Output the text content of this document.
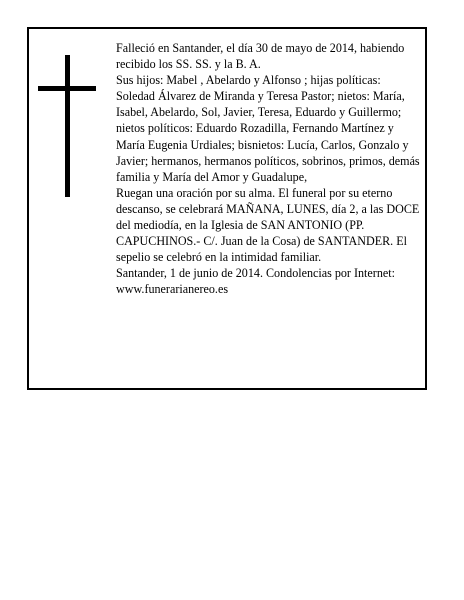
Falleció en Santander, el día 30 de mayo de 2014, habiendo recibido los SS. SS. y la B. A.

Sus hijos: Mabel , Abelardo y Alfonso ; hijas políticas: Soledad Álvarez de Miranda y Teresa Pastor; nietos: María, Isabel, Abelardo, Sol, Javier, Teresa, Eduardo y Guillermo; nietos políticos: Eduardo Rozadilla, Fernando Martínez y María Eugenia Urdiales; bisnietos: Lucía, Carlos, Gonzalo y Javier; hermanos, hermanos políticos, sobrinos, primos, demás familia y María del Amor y Guadalupe,

Ruegan una oración por su alma. El funeral por su eterno descanso, se celebrará MAÑANA, LUNES, día 2, a las DOCE del mediodía, en la Iglesia de SAN ANTONIO (PP. CAPUCHINOS.- C/. Juan de la Cosa) de SANTANDER. El sepelio se celebró en la intimidad familiar.

Santander, 1 de junio de 2014. Condolencias por Internet: www.funerarianereo.es
